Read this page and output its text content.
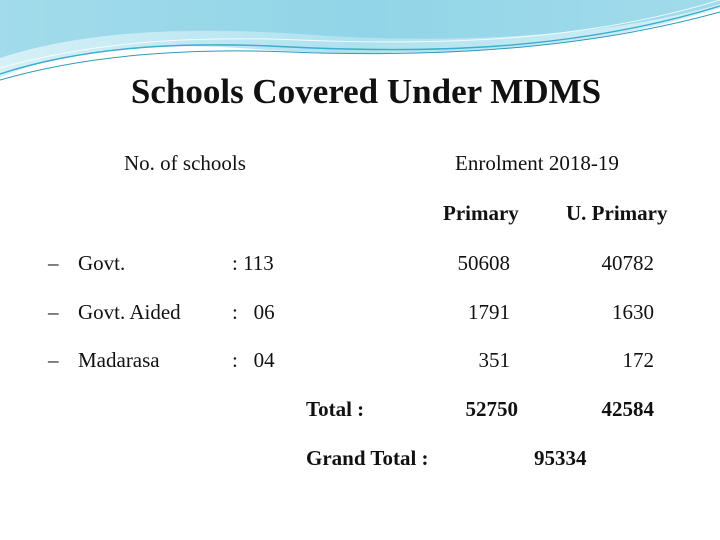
Schools Covered Under MDMS
No. of schools	Enrolment 2018-19
Primary U. Primary
– Govt.	: 113	50608	40782
– Govt. Aided :   06	1791	1630
– Madarasa	:   04	351	172
Total :	52750	42584
Grand Total :	95334
